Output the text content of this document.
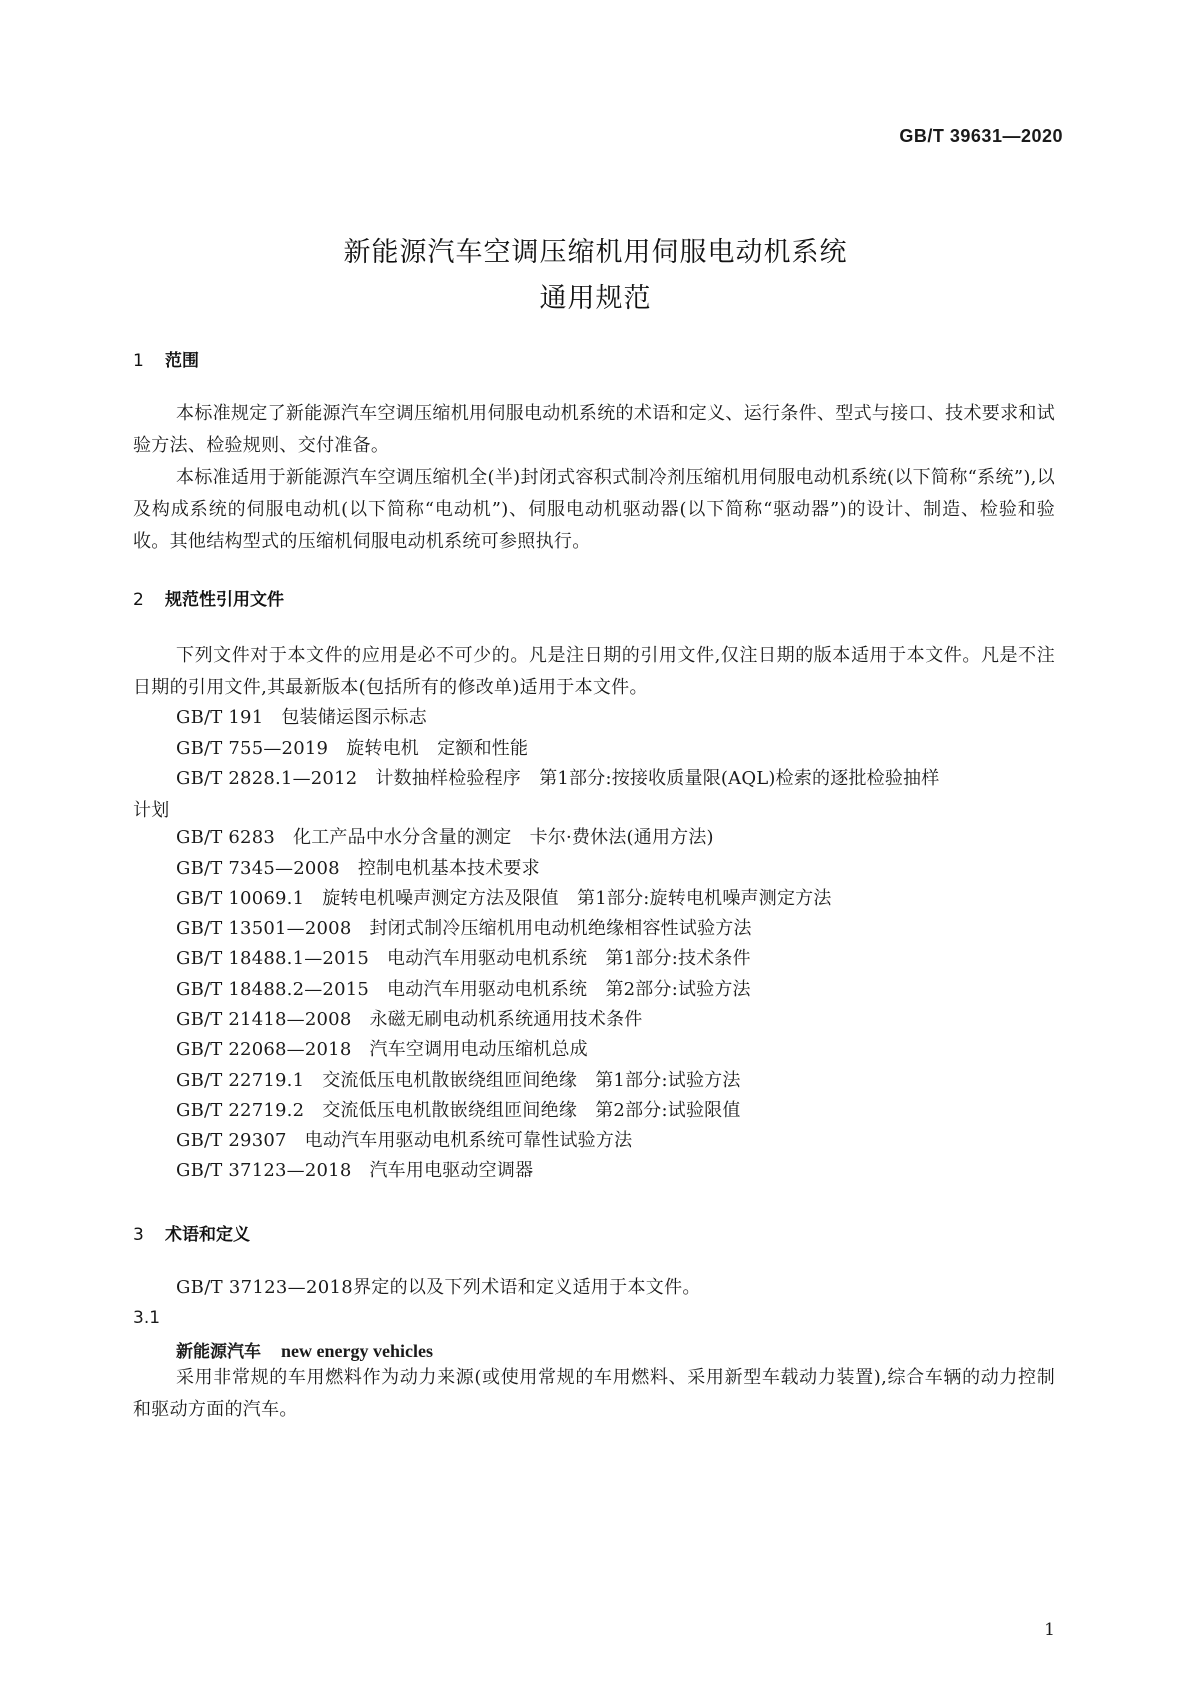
GB/T 39631—2020
新能源汽车空调压缩机用伺服电动机系统
通用规范
1 范围
本标准规定了新能源汽车空调压缩机用伺服电动机系统的术语和定义、运行条件、型式与接口、技术要求和试验方法、检验规则、交付准备。
本标准适用于新能源汽车空调压缩机全(半)封闭式容积式制冷剂压缩机用伺服电动机系统(以下简称“系统”),以及构成系统的伺服电动机(以下简称“电动机”)、伺服电动机驱动器(以下简称“驱动器”)的设计、制造、检验和验收。其他结构型式的压缩机伺服电动机系统可参照执行。
2 规范性引用文件
下列文件对于本文件的应用是必不可少的。凡是注日期的引用文件,仅注日期的版本适用于本文件。凡是不注日期的引用文件,其最新版本(包括所有的修改单)适用于本文件。
GB/T 191 包装储运图示标志
GB/T 755—2019 旋转电机　定额和性能
GB/T 2828.1—2012 计数抽样检验程序　第1部分:按接收质量限(AQL)检索的逐批检验抽样
计划
GB/T 6283 化工产品中水分含量的测定　卡尔·费休法(通用方法)
GB/T 7345—2008 控制电机基本技术要求
GB/T 10069.1 旋转电机噪声测定方法及限值　第1部分:旋转电机噪声测定方法
GB/T 13501—2008 封闭式制冷压缩机用电动机绝缘相容性试验方法
GB/T 18488.1—2015 电动汽车用驱动电机系统　第1部分:技术条件
GB/T 18488.2—2015 电动汽车用驱动电机系统　第2部分:试验方法
GB/T 21418—2008 永磁无刷电动机系统通用技术条件
GB/T 22068—2018 汽车空调用电动压缩机总成
GB/T 22719.1 交流低压电机散嵌绕组匝间绝缘　第1部分:试验方法
GB/T 22719.2 交流低压电机散嵌绕组匝间绝缘　第2部分:试验限值
GB/T 29307 电动汽车用驱动电机系统可靠性试验方法
GB/T 37123—2018 汽车用电驱动空调器
3 术语和定义
GB/T 37123—2018界定的以及下列术语和定义适用于本文件。
3.1
新能源汽车 new energy vehicles
采用非常规的车用燃料作为动力来源(或使用常规的车用燃料、采用新型车载动力装置),综合车辆的动力控制和驱动方面的汽车。
1
